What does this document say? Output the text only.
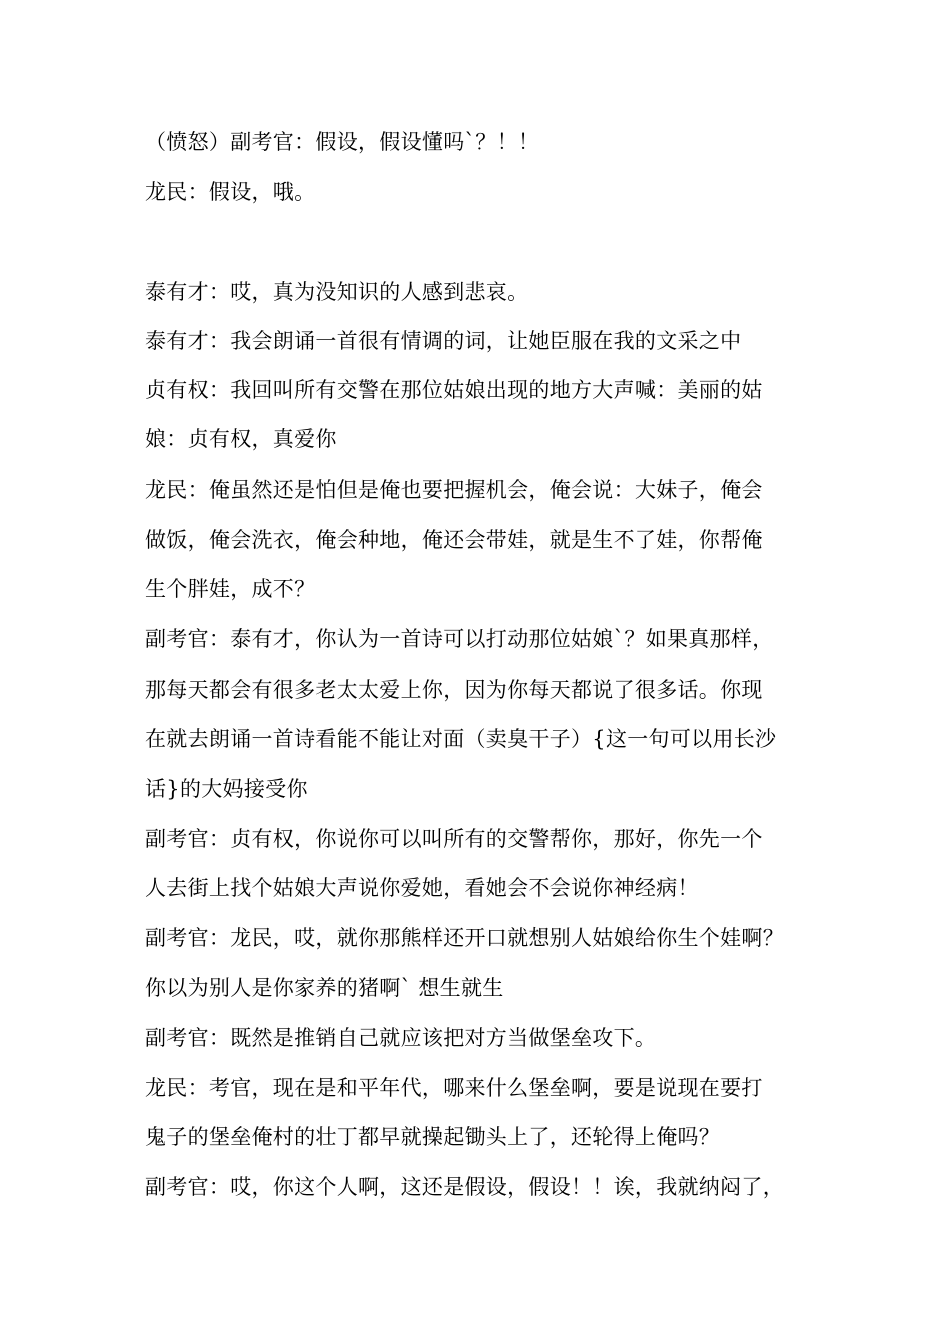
（愤怒）副考官：假设，假设懂吗`？！！
龙民：假设，哦。
泰有才：哎，真为没知识的人感到悲哀。
泰有才：我会朗诵一首很有情调的词，让她臣服在我的文采之中
贞有权：我回叫所有交警在那位姑娘出现的地方大声喊：美丽的姑
娘：贞有权，真爱你
龙民：俺虽然还是怕但是俺也要把握机会，俺会说：大妹子，俺会
做饭，俺会洗衣，俺会种地，俺还会带娃，就是生不了娃，你帮俺
生个胖娃，成不？
副考官：泰有才，你认为一首诗可以打动那位姑娘`？如果真那样，
那每天都会有很多老太太爱上你，因为你每天都说了很多话。你现
在就去朗诵一首诗看能不能让对面（卖臭干子）{这一句可以用长沙
话}的大妈接受你
副考官：贞有权，你说你可以叫所有的交警帮你，那好，你先一个
人去街上找个姑娘大声说你爱她，看她会不会说你神经病！
副考官：龙民，哎，就你那熊样还开口就想别人姑娘给你生个娃啊？
你以为别人是你家养的猪啊` 想生就生
副考官：既然是推销自己就应该把对方当做堡垒攻下。
龙民：考官，现在是和平年代，哪来什么堡垒啊，要是说现在要打
鬼子的堡垒俺村的壮丁都早就操起锄头上了，还轮得上俺吗？
副考官：哎，你这个人啊，这还是假设，假设！！诶，我就纳闷了，
